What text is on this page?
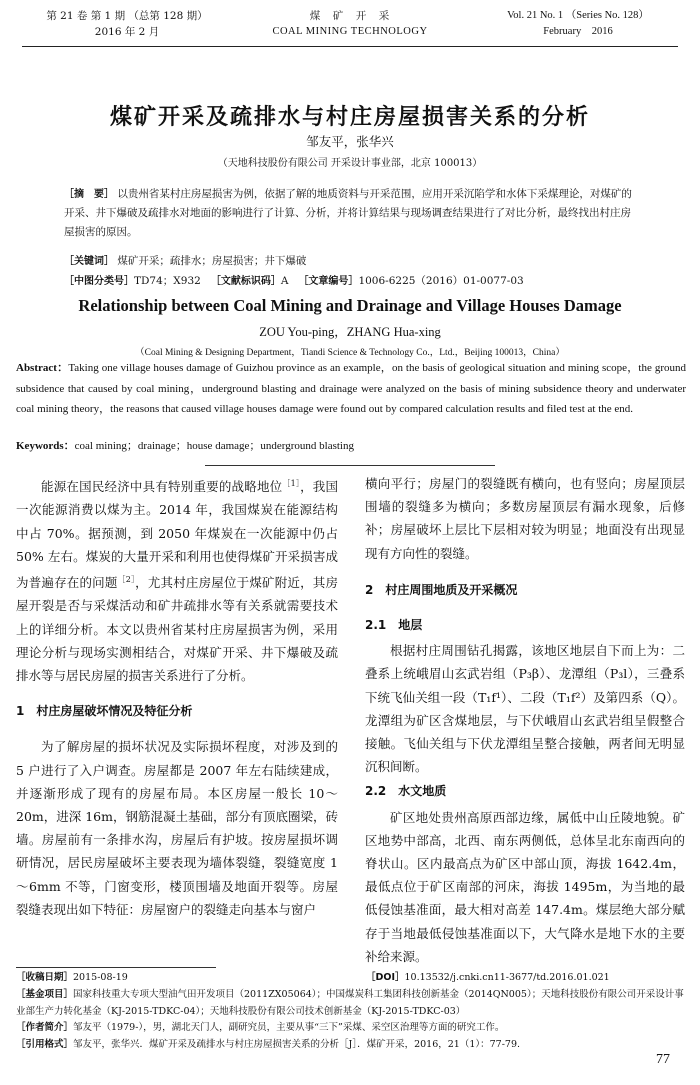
第 21 卷 第 1 期 （总第 128 期）
2016 年 2 月
煤　矿　开　采
COAL MINING TECHNOLOGY
Vol. 21 No. 1 （Series No. 128）
February　2016
煤矿开采及疏排水与村庄房屋损害关系的分析
邹友平，张华兴
（天地科技股份有限公司 开采设计事业部，北京 100013）
［摘　要］ 以贵州省某村庄房屋损害为例，依据了解的地质资料与开采范围，应用开采沉陷学和水体下采煤理论，对煤矿的开采、井下爆破及疏排水对地面的影响进行了计算、分析，并将计算结果与现场调查结果进行了对比分析，最终找出村庄房屋损害的原因。
［关键词］ 煤矿开采；疏排水；房屋损害；井下爆破
［中图分类号］TD74；X932 ［文献标识码］A ［文章编号］1006-6225（2016）01-0077-03
Relationship between Coal Mining and Drainage and Village Houses Damage
ZOU You-ping，ZHANG Hua-xing
（Coal Mining & Designing Department，Tiandi Science & Technology Co.，Ltd.，Beijing 100013，China）
Abstract：Taking one village houses damage of Guizhou province as an example，on the basis of geological situation and mining scope，the ground subsidence that caused by coal mining，underground blasting and drainage were analyzed on the basis of mining subsidence theory and underwater coal mining theory，the reasons that caused village houses damage were found out by compared calculation results and filed test at the end.
Keywords：coal mining；drainage；house damage；underground blasting

能源在国民经济中具有特别重要的战略地位$^{[1]}$，我国一次能源消费以煤为主。2014 年，我国煤炭在能源结构中占 70%。据预测，到 2050 年煤炭在一次能源中仍占 50% 左右。煤炭的大量开采和利用也使得煤矿开采损害成为普遍存在的问题$^{[2]}$，尤其村庄房屋位于煤矿附近，其房屋开裂是否与采煤活动和矿井疏排水等有关系就需要技术上的详细分析。本文以贵州省某村庄房屋损害为例，采用理论分析与现场实测相结合，对煤矿开采、井下爆破及疏排水等与居民房屋的损害关系进行了分析。

1　村庄房屋破坏情况及特征分析

为了解房屋的损坏状况及实际损坏程度，对涉及到的 5 户进行了入户调查。房屋都是 2007 年左右陆续建成，并逐渐形成了现有的房屋布局。本区房屋一般长 10～20m，进深 16m，钢筋混凝土基础，部分有顶底圈梁，砖墙。房屋前有一条排水沟，房屋后有护坡。按房屋损坏调研情况，居民房屋破坏主要表现为墙体裂缝，裂缝宽度 1～6mm 不等，门窗变形，楼顶围墙及地面开裂等。房屋裂缝表现出如下特征：房屋窗户的裂缝走向基本与窗户

横向平行；房屋门的裂缝既有横向，也有竖向；房屋顶层围墙的裂缝多为横向；多数房屋顶层有漏水现象，后修补；房屋破坏上层比下层相对较为明显；地面没有出现显现有方向性的裂缝。

2　村庄周围地质及开采概况
2.1　地层

根据村庄周围钻孔揭露，该地区地层自下而上为：二叠系上统峨眉山玄武岩组（P₃β）、龙潭组（P₃l），三叠系下统飞仙关组一段（T₁f¹）、二段（T₁f²）及第四系（Q）。龙潭组为矿区含煤地层，与下伏峨眉山玄武岩组呈假整合接触。飞仙关组与下伏龙潭组呈整合接触，两者间无明显沉积间断。

2.2　水文地质

矿区地处贵州高原西部边缘，属低中山丘陵地貌。矿区地势中部高，北西、南东两侧低，总体呈北东南西向的脊状山。区内最高点为矿区中部山顶，海拔 1642.4m，最低点位于矿区南部的河床，海拔 1495m，为当地的最低侵蚀基准面，最大相对高差 147.4m。煤层绝大部分赋存于当地最低侵蚀基准面以下，大气降水是地下水的主要补给来源。

［收稿日期］2015-08-19	［DOI］10.13532/j.cnki.cn11-3677/td.2016.01.021
［基金项目］国家科技重大专项大型油气田开发项目（2011ZX05064）；中国煤炭科工集团科技创新基金（2014QN005）；天地科技股份有限公司开采设计事业部生产力转化基金（KJ-2015-TDKC-04）；天地科技股份有限公司技术创新基金（KJ-2015-TDKC-03）
［作者简介］邹友平（1979-），男，湖北天门人，副研究员，主要从事“三下”采煤、采空区治理等方面的研究工作。
［引用格式］邹友平，张华兴．煤矿开采及疏排水与村庄房屋损害关系的分析［J］．煤矿开采，2016，21（1）：77-79.
77
